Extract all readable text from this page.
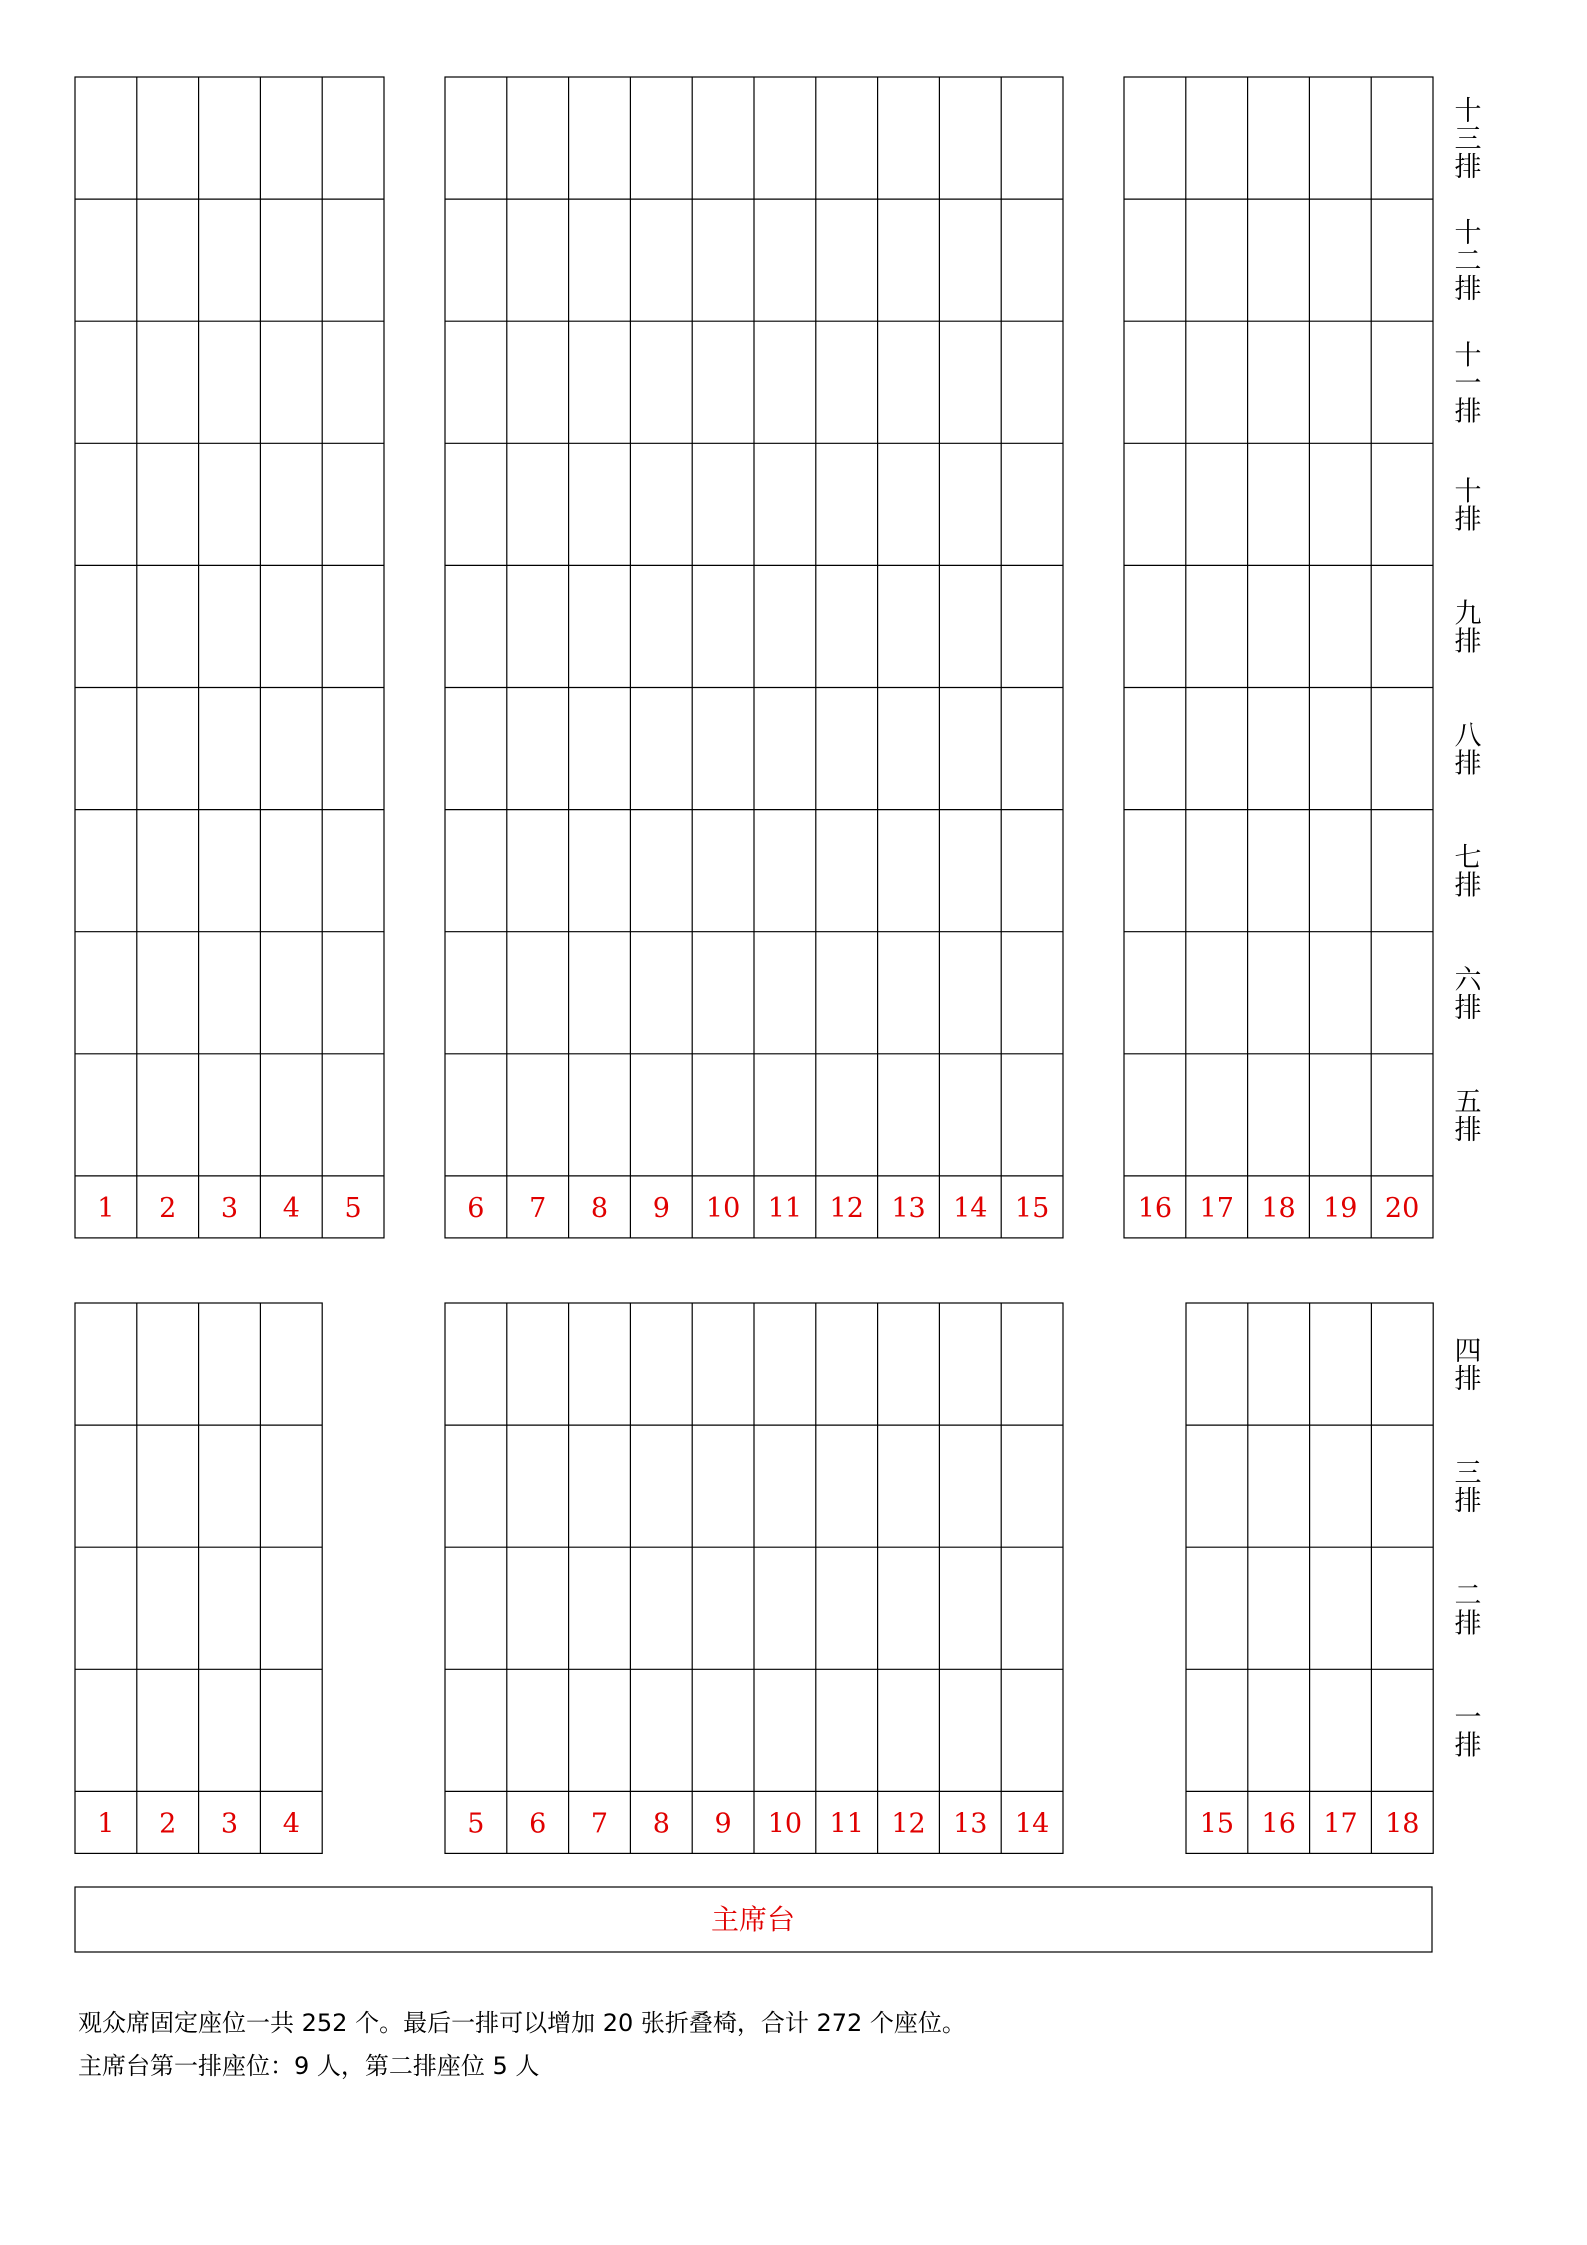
1 2 3 4 5	6 7 8 9 10 11 12 13 14 15	16 17 18 19 20
十
三
排
十
二
排
十
一
排
十
排
九
排
八
排
七
排
六
排
五
排
1 2 3 4	5 6 7 8 9 10 11 12 13 14	15 16 17 18
四
排
三
排
二
排
一
排
主席台
观众席固定座位一共 252 个。最后一排可以增加 20 张折叠椅，合计 272 个座位。
主席台第一排座位：9 人，第二排座位 5 人
